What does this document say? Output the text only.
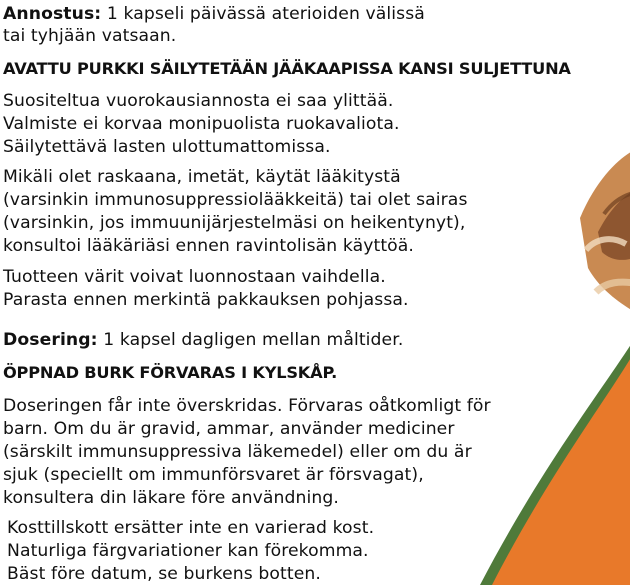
Annostus: 1 kapseli päivässä aterioiden välissä

tai tyhjään vatsaan.

AVATTU PURKKI SÄILYTETÄÄN JÄÄKAAPISSA KANSI SULJETTUNA

Suositeltua vuorokausiannosta ei saa ylittää.

Valmiste ei korvaa monipuolista ruokavaliota.

Säilytettävä lasten ulottumattomissa.

Mikäli olet raskaana, imetät, käytät lääkitystä

(varsinkin immunosuppressiolääkkeitä) tai olet sairas

(varsinkin, jos immuunijärjestelmäsi on heikentynyt),

konsultoi lääkäriäsi ennen ravintolisän käyttöä.

Tuotteen värit voivat luonnostaan vaihdella.

Parasta ennen merkintä pakkauksen pohjassa.

Dosering: 1 kapsel dagligen mellan måltider.

ÖPPNAD BURK FÖRVARAS I KYLSKÅP.

Doseringen får inte överskridas. Förvaras oåtkomligt för

barn. Om du är gravid, ammar, använder mediciner

(särskilt immunsuppressiva läkemedel) eller om du är

sjuk (speciellt om immunförsvaret är försvagat),

konsultera din läkare före användning.

Kosttillskott ersätter inte en varierad kost.

Naturliga färgvariationer kan förekomma.

Bäst före datum, se burkens botten.
